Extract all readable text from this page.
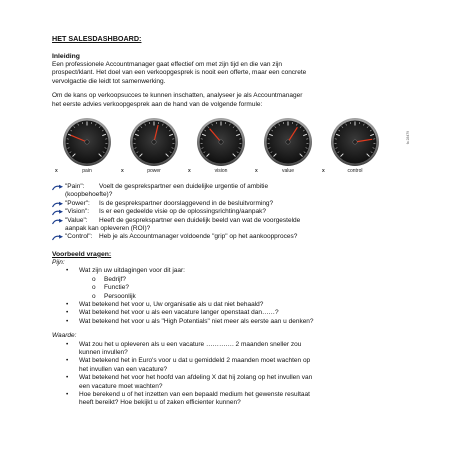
HET SALESDASHBOARD:
Inleiding

Een professionele Accountmanager gaat effectief om met zijn tijd en die van zijn

prospect/klant. Het doel van een verkoopgesprek is nooit een offerte, maar een concrete

vervolgactie die leidt tot samenwerking.

Om de kans op verkoopsucces te kunnen inschatten, analyseer je als Accountmanager

het eerste advies verkoopgesprek aan de hand van de volgende formule:

fa 28479
pain
x	power
x	vision
x	value
x	control
x
"Pain": Voelt de gesprekspartner een duidelijke urgentie of ambitie
(koopbehoefte)?
"Power": Is de gesprekspartner doorslaggevend in de besluitvorming?
"Vision": Is er een gedeelde visie op de oplossingsrichting/aanpak?
"Value": Heeft de gesprekspartner een duidelijk beeld van wat de voorgestelde
aanpak kan opleveren (ROI)?
"Control": Heb je als Accountmanager voldoende "grip" op het aankoopproces?
Voorbeeld vragen:
Pijn:
• Wat zijn uw uitdagingen voor dit jaar:
o Bedrijf?
o Functie?
o Persoonlijk
• Wat betekend het voor u, Uw organisatie als u dat niet behaald?
• Wat betekend het voor u als een vacature langer openstaat dan……?
• Wat betekend het voor u als "High Potentials" niet meer als eerste aan u denken?
Waarde:
• Wat zou het u opleveren als u een vacature …………. 2 maanden sneller zou
kunnen invullen?
• Wat betekend het in Euro's voor u dat u gemiddeld 2 maanden moet wachten op
het invullen van een vacature?
• Wat betekend het voor het hoofd van afdeling X dat hij zolang op het invullen van
een vacature moet wachten?
• Hoe berekend u of het inzetten van een bepaald medium het gewenste resultaat
heeft bereikt? Hoe bekijkt u of zaken efficienter kunnen?
